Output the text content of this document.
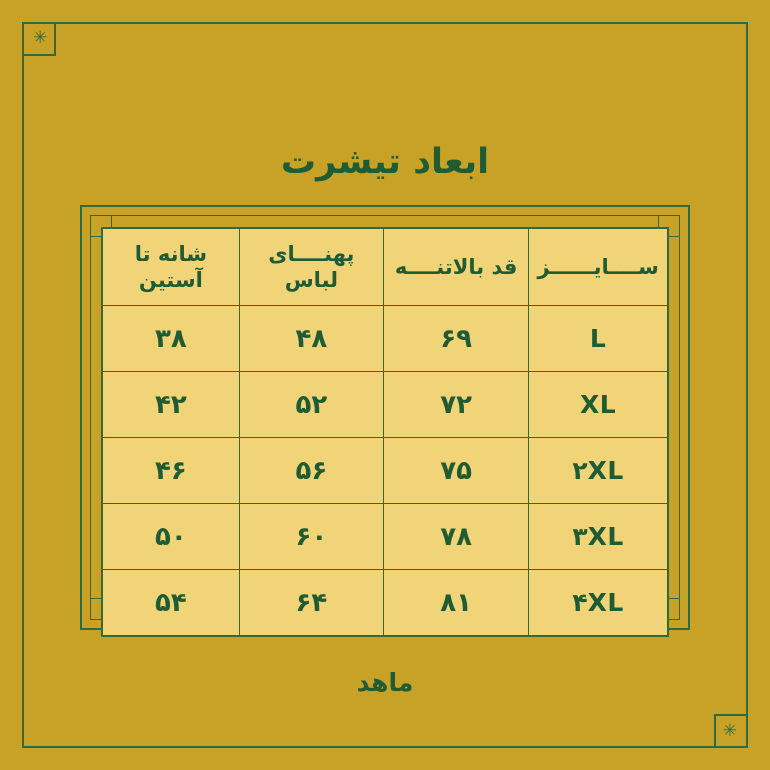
✳
✳
ابعاد تیشرت
ســــایــــــز	قد بالاتنــــه	پهنــــای لباس	شانه تا آستین
L	۶۹	۴۸	۳۸
XL	۷۲	۵۲	۴۲
۲XL	۷۵	۵۶	۴۶
۳XL	۷۸	۶۰	۵۰
۴XL	۸۱	۶۴	۵۴
ماهد
